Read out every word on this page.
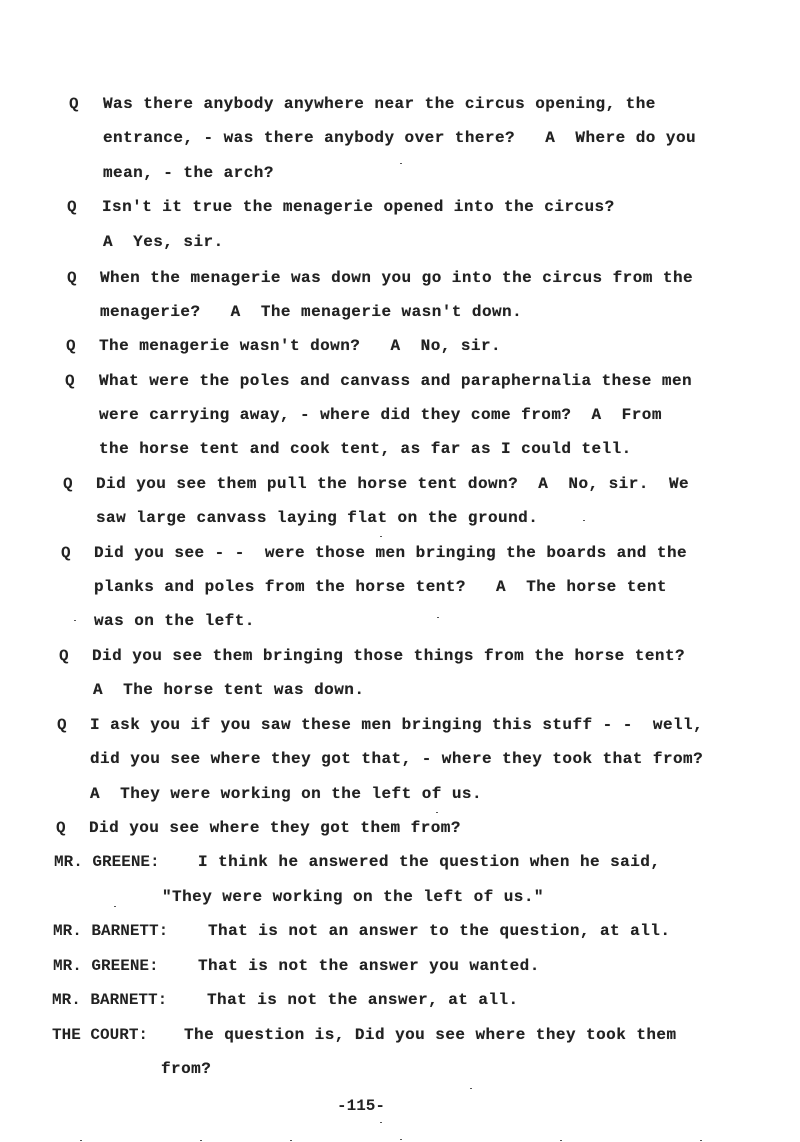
Q Was there anybody anywhere near the circus opening, the
entrance, - was there anybody over there?   A  Where do you
mean, - the arch?
Q Isn't it true the menagerie opened into the circus?
A  Yes, sir.
Q When the menagerie was down you go into the circus from the
menagerie?   A  The menagerie wasn't down.
Q The menagerie wasn't down?   A  No, sir.
Q What were the poles and canvass and paraphernalia these men
were carrying away, - where did they come from?  A  From
the horse tent and cook tent, as far as I could tell.
Q Did you see them pull the horse tent down?  A  No, sir.  We
saw large canvass laying flat on the ground.
Q Did you see - -  were those men bringing the boards and the
planks and poles from the horse tent?   A  The horse tent
was on the left.
Q Did you see them bringing those things from the horse tent?
A  The horse tent was down.
Q I ask you if you saw these men bringing this stuff - -  well,
did you see where they got that, - where they took that from?
A  They were working on the left of us.
Q Did you see where they got them from?
MR. GREENE: I think he answered the question when he said,
"They were working on the left of us."
MR. BARNETT: That is not an answer to the question, at all.
MR. GREENE: That is not the answer you wanted.
MR. BARNETT: That is not the answer, at all.
THE COURT: The question is, Did you see where they took them
from?
-115-
